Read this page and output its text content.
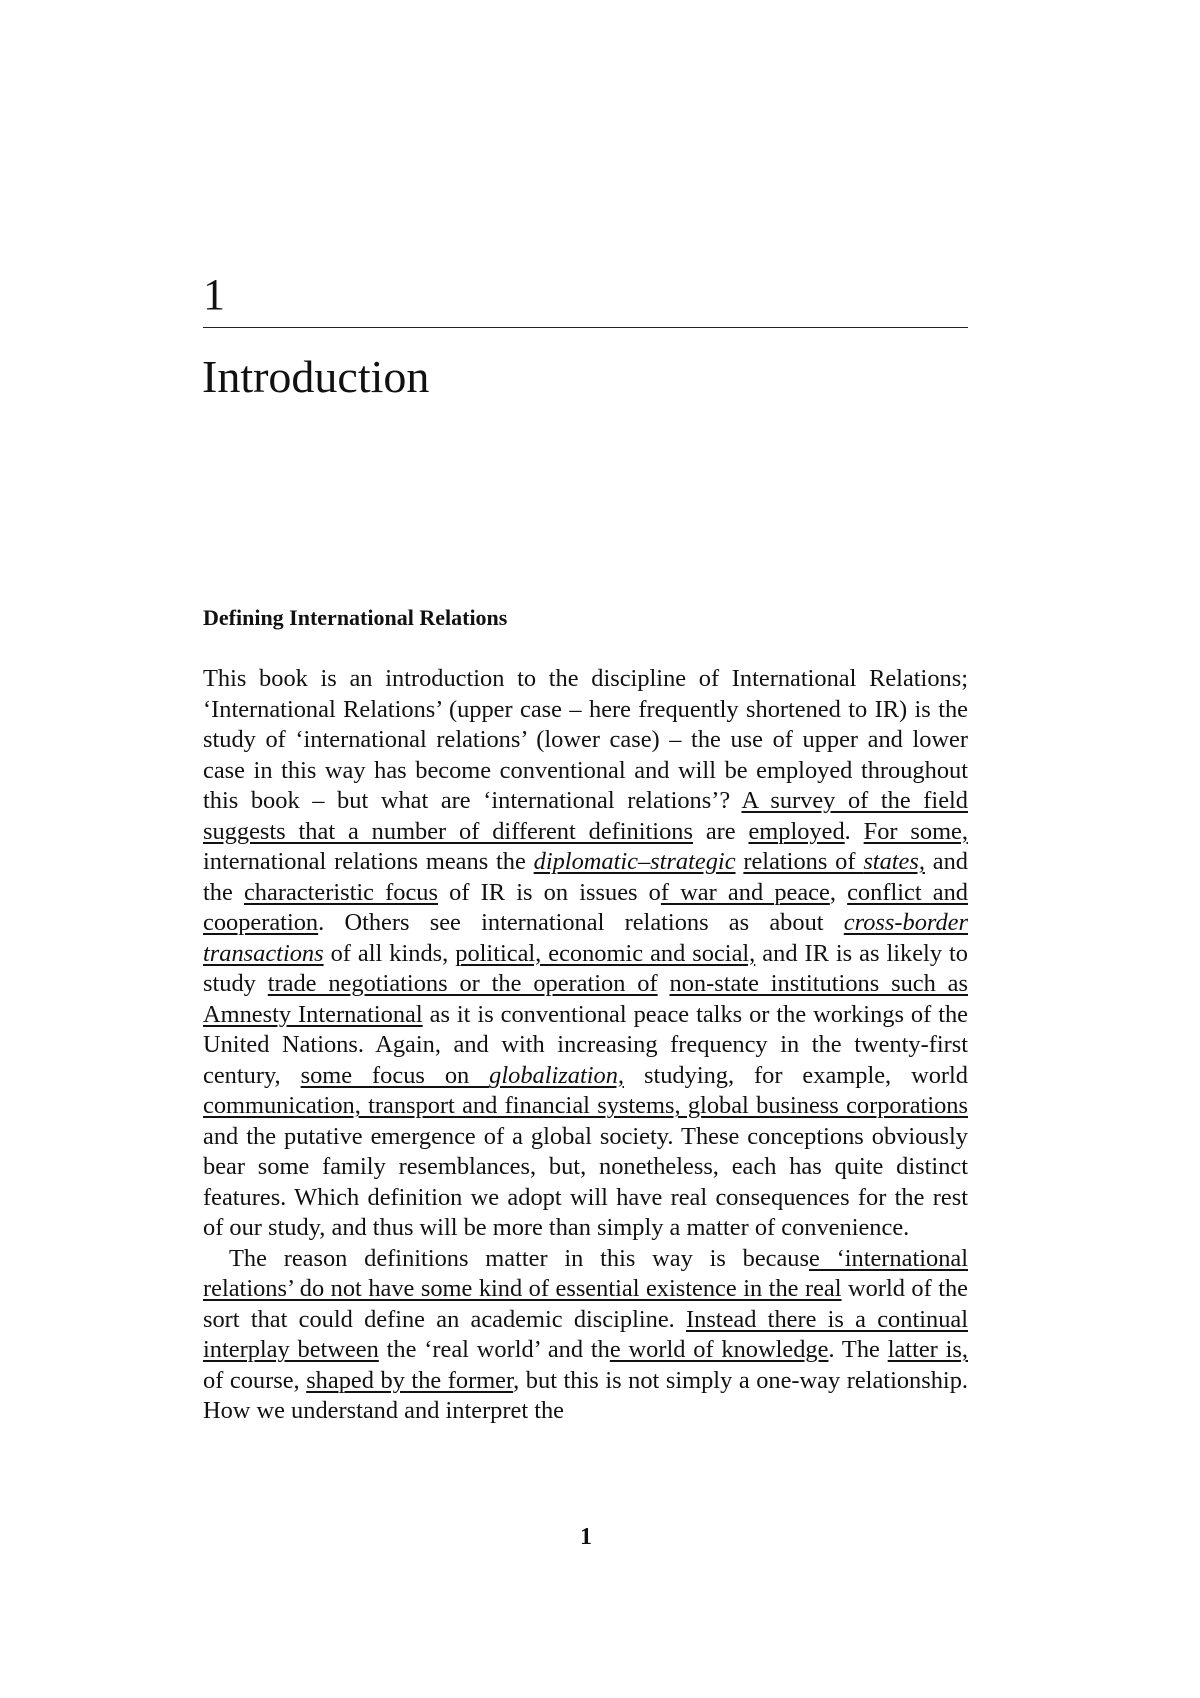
1
Introduction
Defining International Relations

This book is an introduction to the discipline of International Relations; ‘International Relations’ (upper case – here frequently shortened to IR) is the study of ‘international relations’ (lower case) – the use of upper and lower case in this way has become conventional and will be employed throughout this book – but what are ‘international relations’? A survey of the field suggests that a number of different definitions are employed. For some, international relations means the diplomatic–strategic relations of states, and the characteristic focus of IR is on issues of war and peace, conflict and cooperation. Others see international relations as about cross-border transactions of all kinds, political, economic and social, and IR is as likely to study trade negotiations or the operation of non-state institutions such as Amnesty International as it is conventional peace talks or the workings of the United Nations. Again, and with increasing frequency in the twenty-first century, some focus on globalization, studying, for example, world communication, transport and financial systems, global business corporations and the putative emergence of a global society. These conceptions obviously bear some family resemblances, but, nonetheless, each has quite distinct features. Which definition we adopt will have real consequences for the rest of our study, and thus will be more than simply a matter of convenience.

The reason definitions matter in this way is because ‘international relations’ do not have some kind of essential existence in the real world of the sort that could define an academic discipline. Instead there is a continual interplay between the ‘real world’ and the world of knowledge. The latter is, of course, shaped by the former, but this is not simply a one-way relationship. How we understand and interpret the

1
